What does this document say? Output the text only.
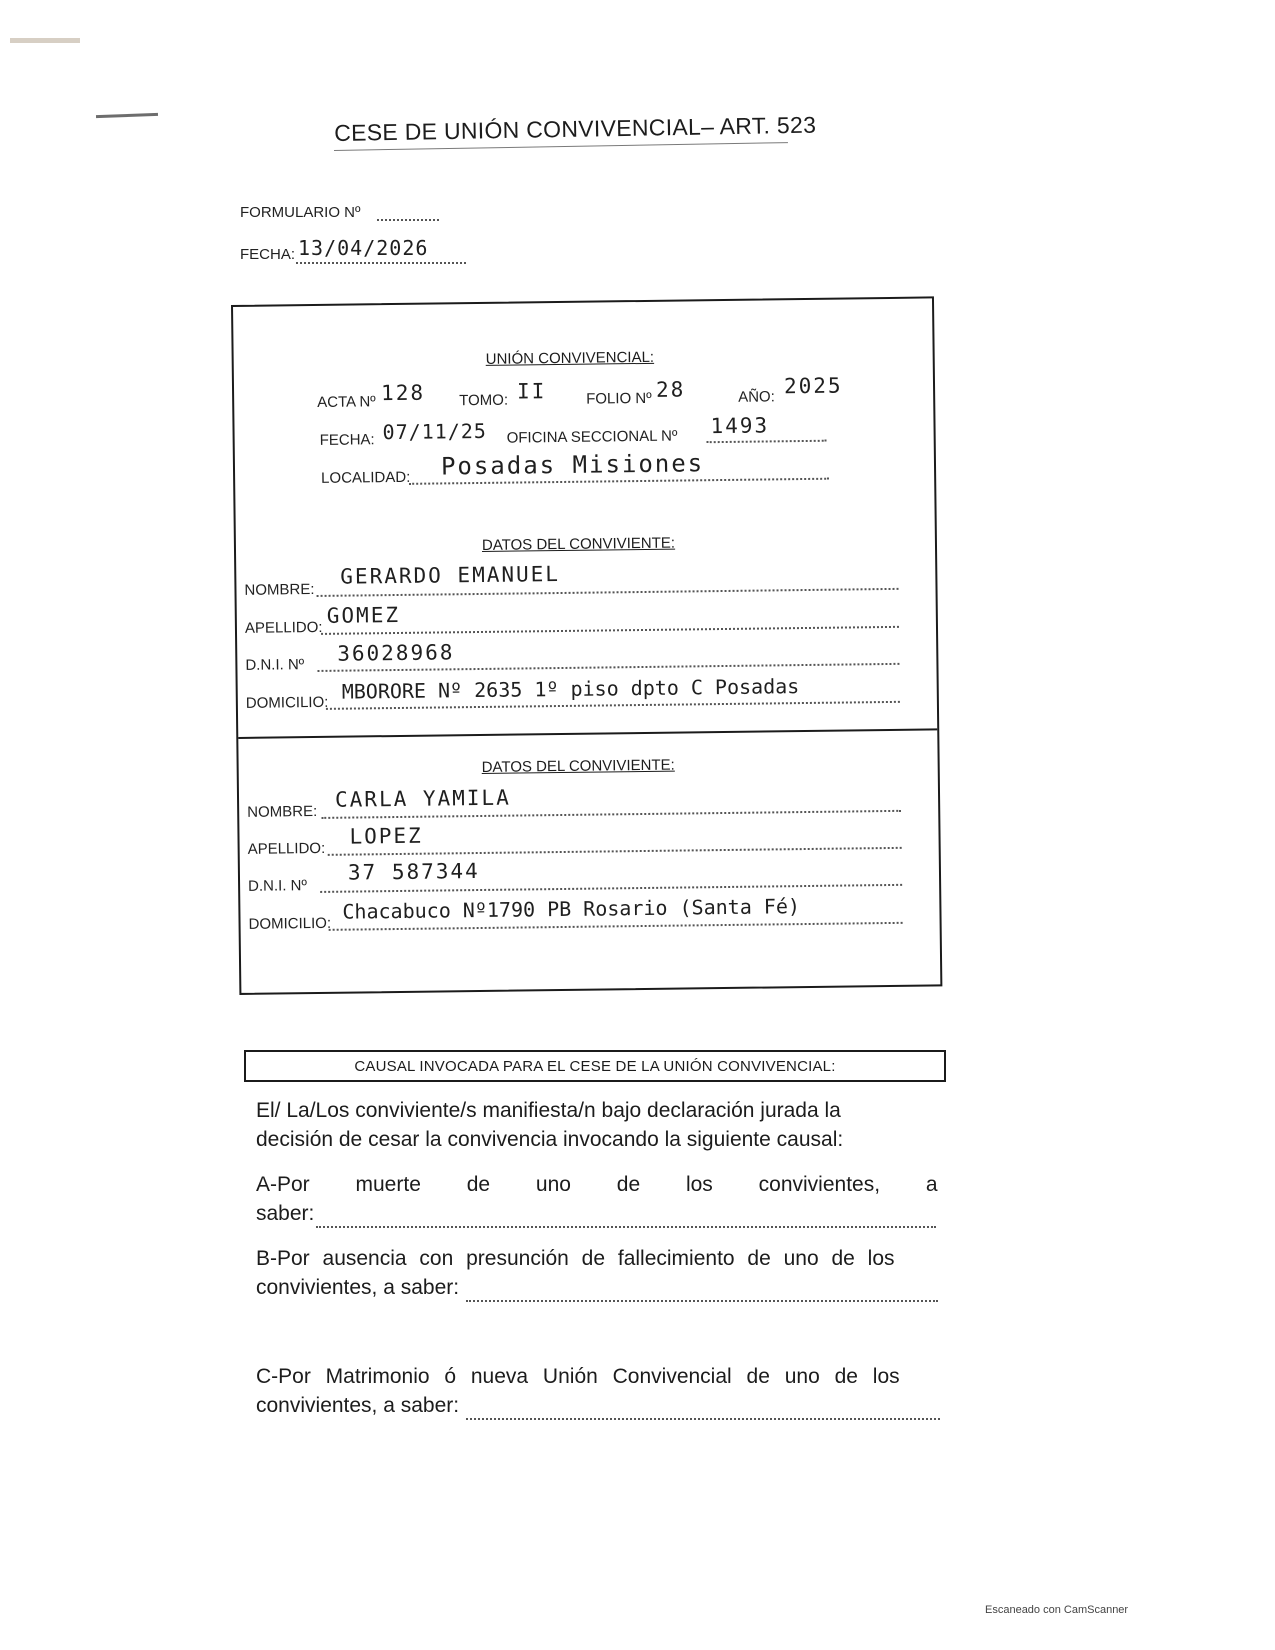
CESE DE UNIÓN CONVIVENCIAL– ART. 523
FORMULARIO Nº
FECHA: 13/04/2026
UNIÓN CONVIVENCIAL:
ACTA Nº 128 TOMO: II	FOLIO Nº 28	AÑO: 2025
FECHA: 07/11/25 OFICINA SECCIONAL Nº 1493
LOCALIDAD: Posadas Misiones
DATOS DEL CONVIVIENTE:
NOMBRE:
GERARDO EMANUEL
APELLIDO:
GOMEZ
D.N.I. Nº 36028968
DOMICILIO: MBORORE Nº 2635 1º piso dpto C Posadas
DATOS DEL CONVIVIENTE:
NOMBRE:
CARLA YAMILA
APELLIDO:
LOPEZ
D.N.I. Nº
37 587344
DOMICILIO:
Chacabuco Nº1790 PB Rosario (Santa Fé)
CAUSAL INVOCADA PARA EL CESE DE LA UNIÓN CONVIVENCIAL:
El/ La/Los conviviente/s manifiesta/n bajo declaración jurada la
decisión de cesar la convivencia invocando la siguiente causal:
A-Por muerte de uno de los convivientes, a
saber:
B-Por ausencia con presunción de fallecimiento de uno de los
convivientes, a saber:
C-Por Matrimonio ó nueva Unión Convivencial de uno de los
convivientes, a saber:
Escaneado con CamScanner
